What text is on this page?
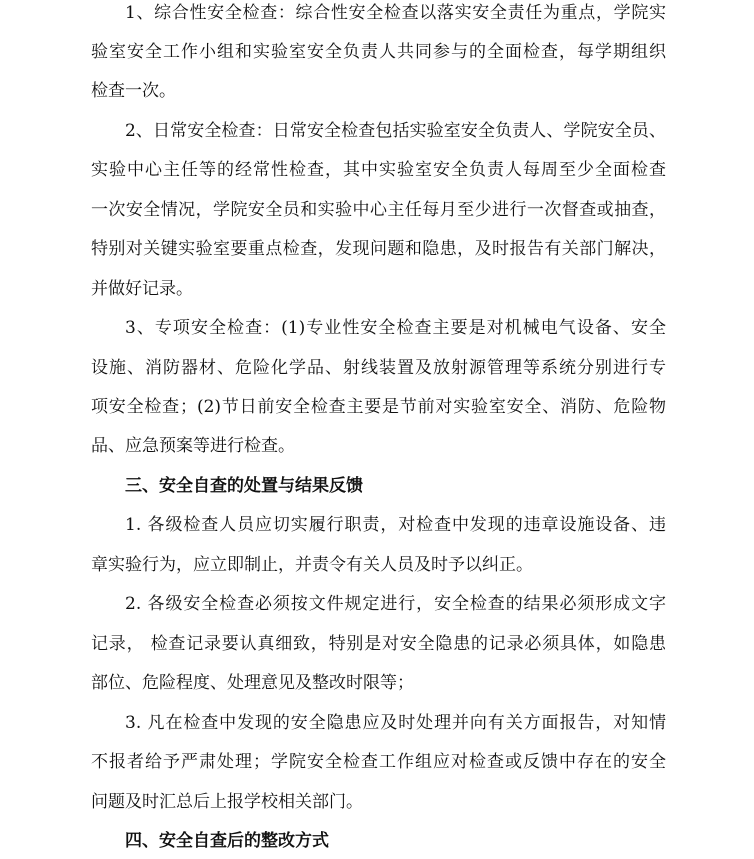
1、综合性安全检查：综合性安全检查以落实安全责任为重点，学院实
验室安全工作小组和实验室安全负责人共同参与的全面检查，每学期组织
检查一次。
2、日常安全检查：日常安全检查包括实验室安全负责人、学院安全员、
实验中心主任等的经常性检查，其中实验室安全负责人每周至少全面检查
一次安全情况，学院安全员和实验中心主任每月至少进行一次督查或抽查，
特别对关键实验室要重点检查，发现问题和隐患，及时报告有关部门解决，
并做好记录。
3、专项安全检查：(1)专业性安全检查主要是对机械电气设备、安全
设施、消防器材、危险化学品、射线装置及放射源管理等系统分别进行专
项安全检查；(2)节日前安全检查主要是节前对实验室安全、消防、危险物
品、应急预案等进行检查。
三、安全自查的处置与结果反馈
1. 各级检查人员应切实履行职责，对检查中发现的违章设施设备、违
章实验行为，应立即制止，并责令有关人员及时予以纠正。
2. 各级安全检查必须按文件规定进行，安全检查的结果必须形成文字
记录， 检查记录要认真细致，特别是对安全隐患的记录必须具体，如隐患
部位、危险程度、处理意见及整改时限等；
3. 凡在检查中发现的安全隐患应及时处理并向有关方面报告，对知情
不报者给予严肃处理；学院安全检查工作组应对检查或反馈中存在的安全
问题及时汇总后上报学校相关部门。
四、安全自查后的整改方式
